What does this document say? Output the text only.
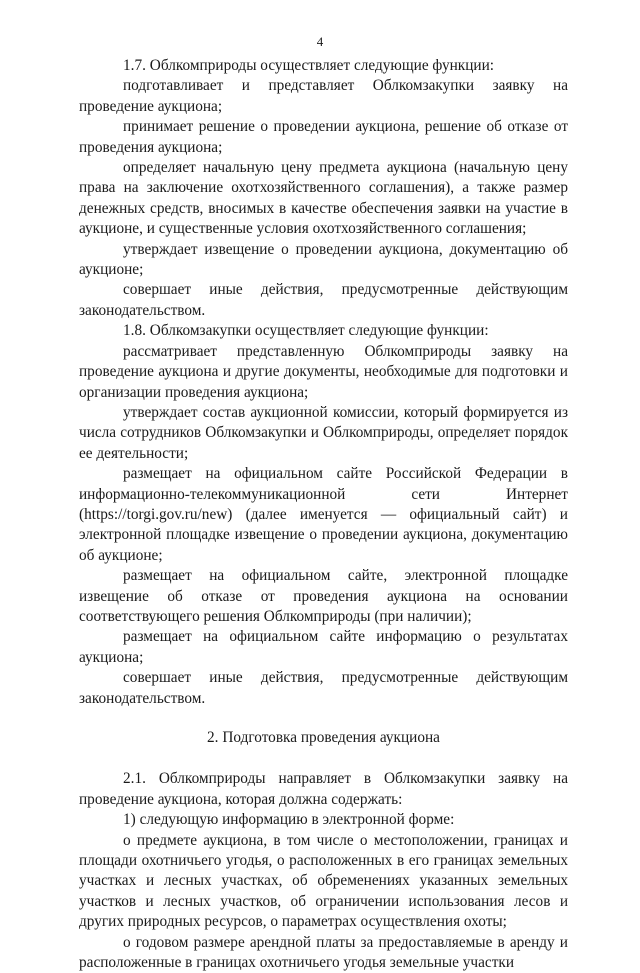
4

1.7. Облкомприроды осуществляет следующие функции:

подготавливает и представляет Облкомзакупки заявку на проведение аукциона;

принимает решение о проведении аукциона, решение об отказе от проведения аукциона;

определяет начальную цену предмета аукциона (начальную цену права на заключение охотхозяйственного соглашения), а также размер денежных средств, вносимых в качестве обеспечения заявки на участие в аукционе, и существенные условия охотхозяйственного соглашения;

утверждает извещение о проведении аукциона, документацию об аукционе;

совершает иные действия, предусмотренные действующим законодательством.

1.8. Облкомзакупки осуществляет следующие функции:

рассматривает представленную Облкомприроды заявку на проведение аукциона и другие документы, необходимые для подготовки и организации проведения аукциона;

утверждает состав аукционной комиссии, который формируется из числа сотрудников Облкомзакупки и Облкомприроды, определяет порядок ее деятельности;

размещает на официальном сайте Российской Федерации в информационно-телекоммуникационной сети Интернет (https://torgi.gov.ru/new) (далее именуется — официальный сайт) и электронной площадке извещение о проведении аукциона, документацию об аукционе;

размещает на официальном сайте, электронной площадке извещение об отказе от проведения аукциона на основании соответствующего решения Облкомприроды (при наличии);

размещает на официальном сайте информацию о результатах аукциона;

совершает иные действия, предусмотренные действующим законодательством.

2. Подготовка проведения аукциона

2.1. Облкомприроды направляет в Облкомзакупки заявку на проведение аукциона, которая должна содержать:

1) следующую информацию в электронной форме:

о предмете аукциона, в том числе о местоположении, границах и площади охотничьего угодья, о расположенных в его границах земельных участках и лесных участках, об обременениях указанных земельных участков и лесных участков, об ограничении использования лесов и других природных ресурсов, о параметрах осуществления охоты;

о годовом размере арендной платы за предоставляемые в аренду и расположенные в границах охотничьего угодья земельные участки
